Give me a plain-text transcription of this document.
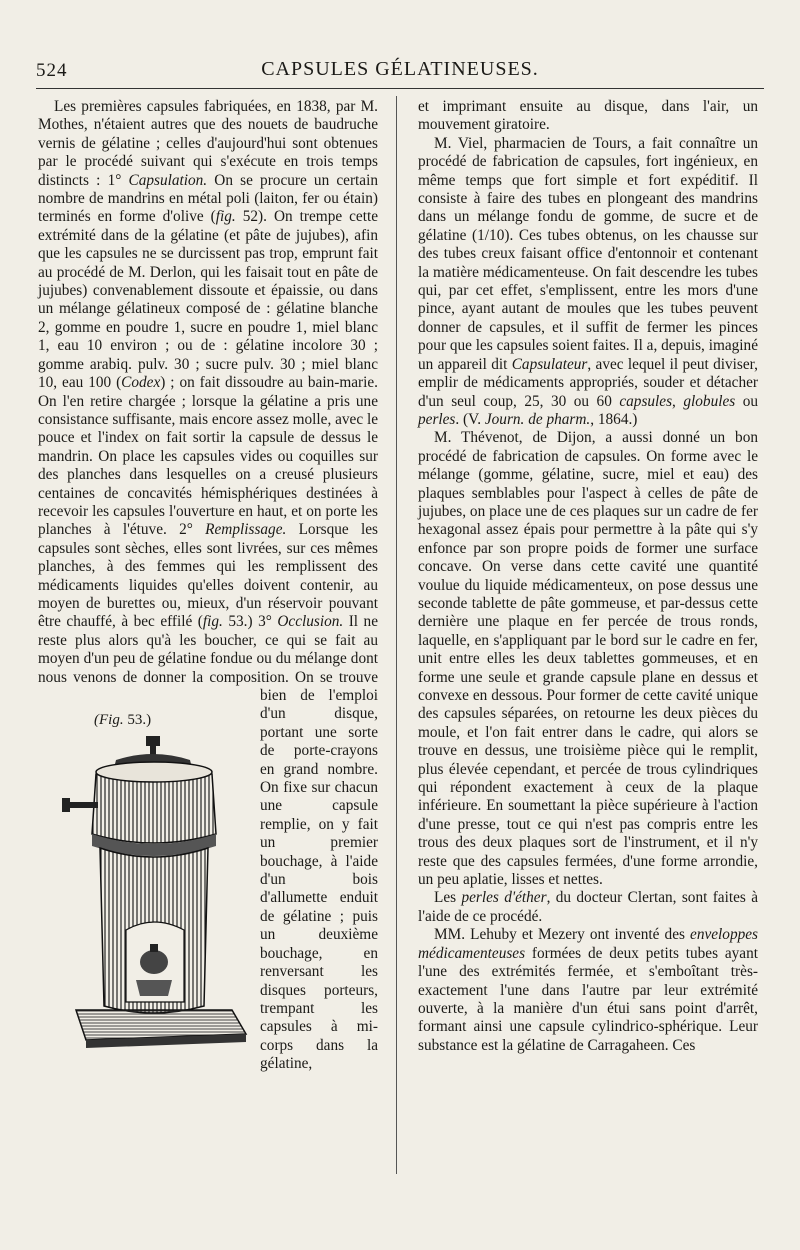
524	CAPSULES GÉLATINEUSES.

Les premières capsules fabriquées, en 1838, par M. Mothes, n'étaient autres que des nouets de baudruche vernis de gélatine ; celles d'aujourd'hui sont obtenues par le procédé suivant qui s'exécute en trois temps distincts : 1° Capsulation. On se procure un certain nombre de mandrins en métal poli (laiton, fer ou étain) terminés en forme d'olive (fig. 52). On trempe cette extrémité dans de la gélatine (et pâte de jujubes), afin que les capsules ne se durcissent pas trop, emprunt fait au procédé de M. Derlon, qui les faisait tout en pâte de jujubes) convenablement dissoute et épaissie, ou dans un mélange gélatineux composé de : gélatine blanche 2, gomme en poudre 1, sucre en poudre 1, miel blanc 1, eau 10 environ ; ou de : gélatine incolore 30 ; gomme arabiq. pulv. 30 ; sucre pulv. 30 ; miel blanc 10, eau 100 (Codex) ; on fait dissoudre au bain-marie. On l'en retire chargée ; lorsque la gélatine a pris une consistance suffisante, mais encore assez molle, avec le pouce et l'index on fait sortir la capsule de dessus le mandrin. On place les capsules vides ou coquilles sur des planches dans lesquelles on a creusé plusieurs centaines de concavités hémisphériques destinées à recevoir les capsules l'ouverture en haut, et on porte les planches à l'étuve. 2° Remplissage. Lorsque les capsules sont sèches, elles sont livrées, sur ces mêmes planches, à des femmes qui les remplissent des médicaments liquides qu'elles doivent contenir, au moyen de burettes ou, mieux, d'un réservoir pouvant être chauffé, à bec effilé (fig. 53.) 3° Occlusion. Il ne reste plus alors qu'à les boucher, ce qui se fait au moyen d'un peu de gélatine fondue ou du mélange dont nous venons de donner la composition. On se trouve bien de l'emploi d'un disque, portant une sorte de porte-crayons en grand nombre. On fixe sur chacun une capsule remplie, on y fait un premier bouchage, à l'aide d'un bois d'allumette enduit de gélatine ; puis un deuxième bouchage, en renversant les disques porteurs, trempant les capsules à mi-corps dans la gélatine,

(Fig. 53.)

et imprimant ensuite au disque, dans l'air, un mouvement giratoire.

M. Viel, pharmacien de Tours, a fait connaître un procédé de fabrication de capsules, fort ingénieux, en même temps que fort simple et fort expéditif. Il consiste à faire des tubes en plongeant des mandrins dans un mélange fondu de gomme, de sucre et de gélatine (1/10). Ces tubes obtenus, on les chausse sur des tubes creux faisant office d'entonnoir et contenant la matière médicamenteuse. On fait descendre les tubes qui, par cet effet, s'emplissent, entre les mors d'une pince, ayant autant de moules que les tubes peuvent donner de capsules, et il suffit de fermer les pinces pour que les capsules soient faites. Il a, depuis, imaginé un appareil dit Capsulateur, avec lequel il peut diviser, emplir de médicaments appropriés, souder et détacher d'un seul coup, 25, 30 ou 60 capsules, globules ou perles. (V. Journ. de pharm., 1864.)

M. Thévenot, de Dijon, a aussi donné un bon procédé de fabrication de capsules. On forme avec le mélange (gomme, gélatine, sucre, miel et eau) des plaques semblables pour l'aspect à celles de pâte de jujubes, on place une de ces plaques sur un cadre de fer hexagonal assez épais pour permettre à la pâte qui s'y enfonce par son propre poids de former une surface concave. On verse dans cette cavité une quantité voulue du liquide médicamenteux, on pose dessus une seconde tablette de pâte gommeuse, et par-dessus cette dernière une plaque en fer percée de trous ronds, laquelle, en s'appliquant par le bord sur le cadre en fer, unit entre elles les deux tablettes gommeuses, et en forme une seule et grande capsule plane en dessus et convexe en dessous. Pour former de cette cavité unique des capsules séparées, on retourne les deux pièces du moule, et l'on fait entrer dans le cadre, qui alors se trouve en dessus, une troisième pièce qui le remplit, plus élevée cependant, et percée de trous cylindriques qui répondent exactement à ceux de la plaque inférieure. En soumettant la pièce supérieure à l'action d'une presse, tout ce qui n'est pas compris entre les trous des deux plaques sort de l'instrument, et il n'y reste que des capsules fermées, d'une forme arrondie, un peu aplatie, lisses et nettes.

Les perles d'éther, du docteur Clertan, sont faites à l'aide de ce procédé.

MM. Lehuby et Mezery ont inventé des enveloppes médicamenteuses formées de deux petits tubes ayant l'une des extrémités fermée, et s'emboîtant très-exactement l'une dans l'autre par leur extrémité ouverte, à la manière d'un étui sans point d'arrêt, formant ainsi une capsule cylindrico-sphérique. Leur substance est la gélatine de Carragaheen. Ces
